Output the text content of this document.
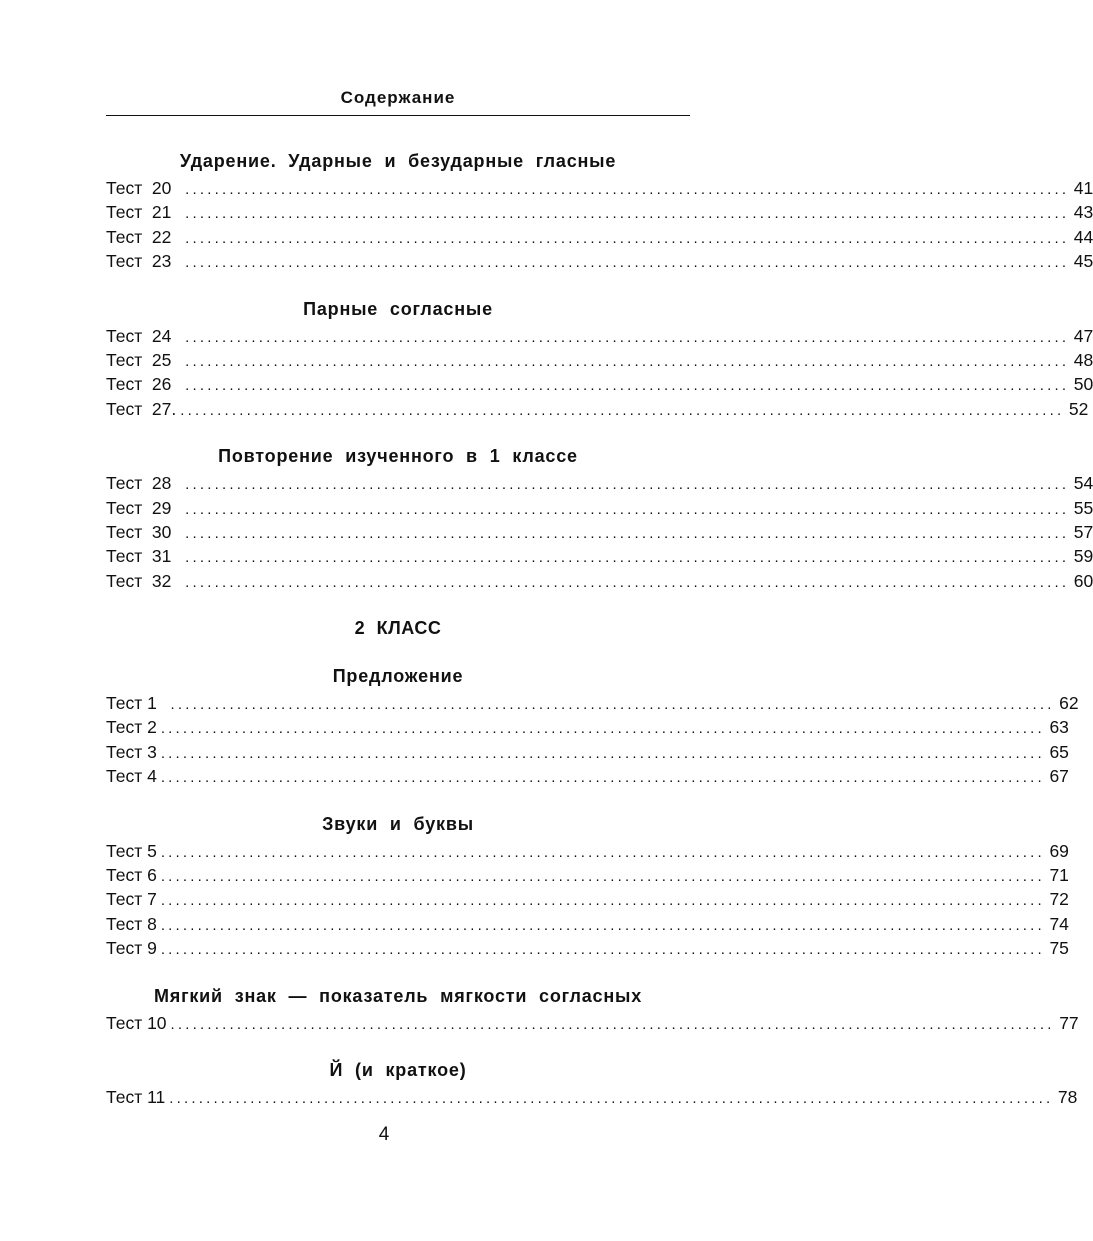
Содержание
Ударение. Ударные и безударные гласные
Тест  20 ........................................................................................................................ 41
Тест  21 ........................................................................................................................ 43
Тест  22 ........................................................................................................................ 44
Тест  23 ........................................................................................................................ 45
Парные согласные
Тест  24 ........................................................................................................................ 47
Тест  25 ........................................................................................................................ 48
Тест  26 ........................................................................................................................ 50
Тест  27. ........................................................................................................................ 52
Повторение изученного в 1 классе
Тест  28 ........................................................................................................................ 54
Тест  29 ........................................................................................................................ 55
Тест  30 ........................................................................................................................ 57
Тест  31 ........................................................................................................................ 59
Тест  32 ........................................................................................................................ 60
2 КЛАСС
Предложение
Тест 1 ........................................................................................................................ 62
Тест 2 ........................................................................................................................ 63
Тест 3 ........................................................................................................................ 65
Тест 4 ........................................................................................................................ 67
Звуки и буквы
Тест 5 ........................................................................................................................ 69
Тест 6 ........................................................................................................................ 71
Тест 7 ........................................................................................................................ 72
Тест 8 ........................................................................................................................ 74
Тест 9 ........................................................................................................................ 75
Мягкий знак — показатель мягкости согласных
Тест 10 ........................................................................................................................ 77
Й (и краткое)
Тест 11 ........................................................................................................................ 78
4
